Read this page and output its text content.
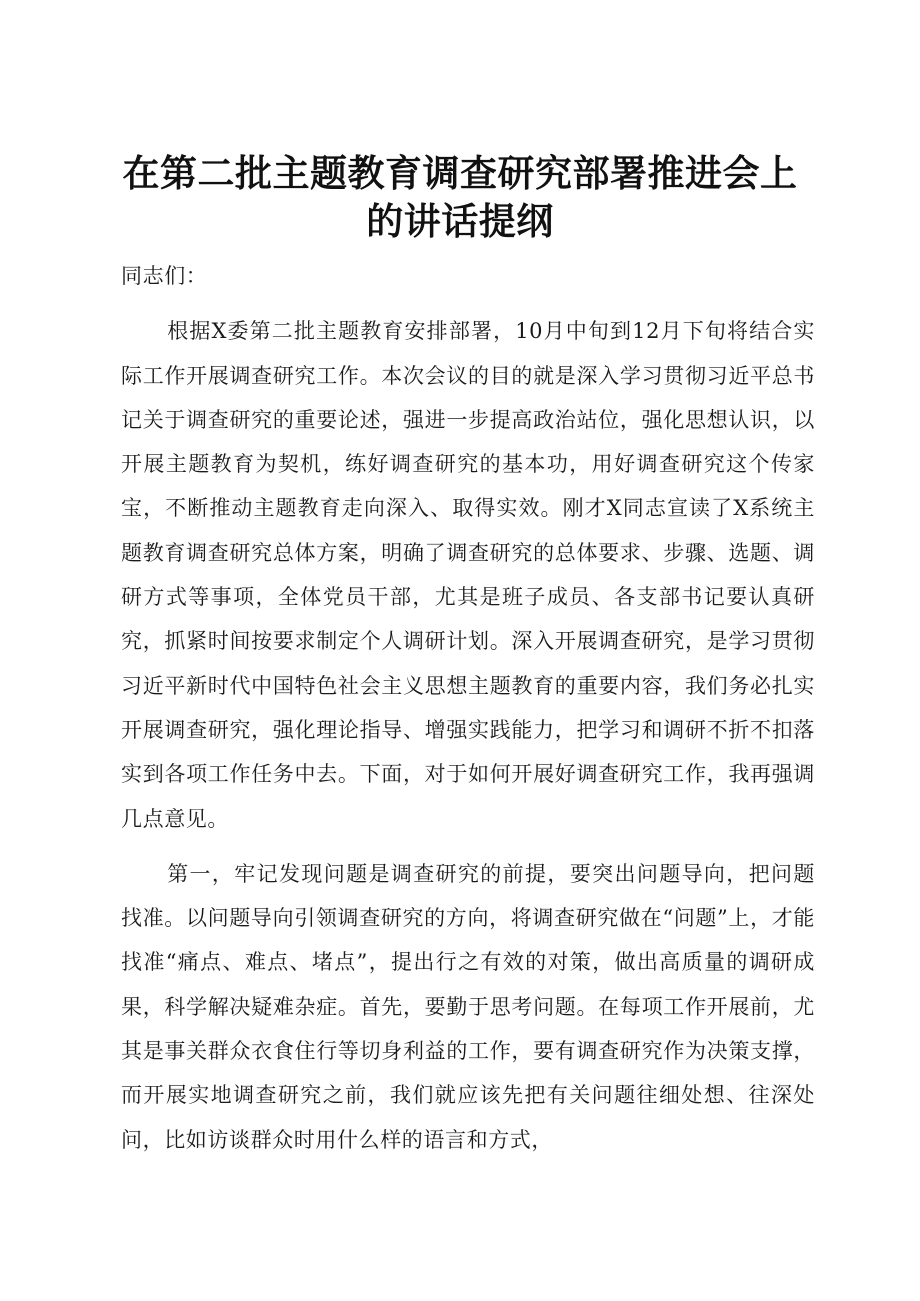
在第二批主题教育调查研究部署推进会上的讲话提纲

同志们：

根据X委第二批主题教育安排部署，10月中旬到12月下旬将结合实际工作开展调查研究工作。本次会议的目的就是深入学习贯彻习近平总书记关于调查研究的重要论述，强进一步提高政治站位，强化思想认识，以开展主题教育为契机，练好调查研究的基本功，用好调查研究这个传家宝，不断推动主题教育走向深入、取得实效。刚才X同志宣读了X系统主题教育调查研究总体方案，明确了调查研究的总体要求、步骤、选题、调研方式等事项，全体党员干部，尤其是班子成员、各支部书记要认真研究，抓紧时间按要求制定个人调研计划。深入开展调查研究，是学习贯彻习近平新时代中国特色社会主义思想主题教育的重要内容，我们务必扎实开展调查研究，强化理论指导、增强实践能力，把学习和调研不折不扣落实到各项工作任务中去。下面，对于如何开展好调查研究工作，我再强调几点意见。

第一，牢记发现问题是调查研究的前提，要突出问题导向，把问题找准。以问题导向引领调查研究的方向，将调查研究做在“问题”上，才能找准“痛点、难点、堵点”，提出行之有效的对策，做出高质量的调研成果，科学解决疑难杂症。首先，要勤于思考问题。在每项工作开展前，尤其是事关群众衣食住行等切身利益的工作，要有调查研究作为决策支撑，而开展实地调查研究之前，我们就应该先把有关问题往细处想、往深处问，比如访谈群众时用什么样的语言和方式，
